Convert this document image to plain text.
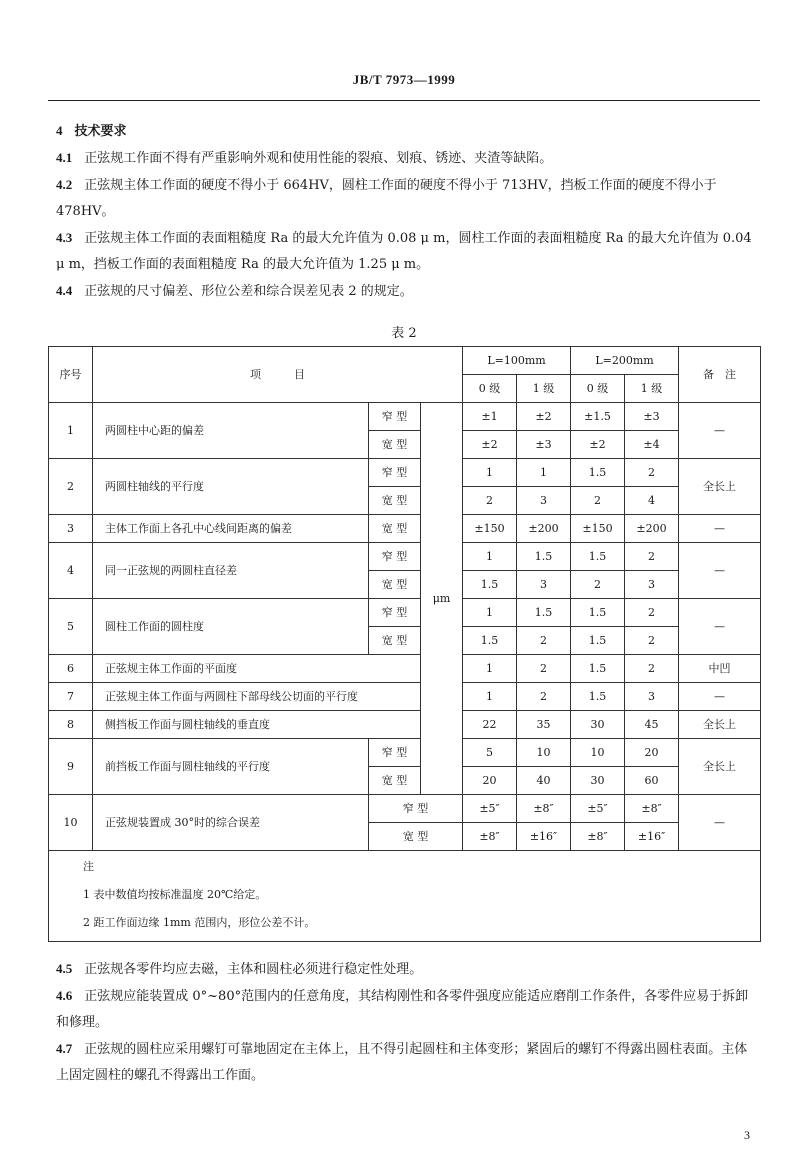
JB/T 7973—1999
4 技术要求
4.1 正弦规工作面不得有严重影响外观和使用性能的裂痕、划痕、锈迹、夹渣等缺陷。
4.2 正弦规主体工作面的硬度不得小于 664HV，圆柱工作面的硬度不得小于 713HV，挡板工作面的硬度不得小于 478HV。
4.3 正弦规主体工作面的表面粗糙度 Ra 的最大允许值为 0.08 μ m，圆柱工作面的表面粗糙度 Ra 的最大允许值为 0.04 μ m，挡板工作面的表面粗糙度 Ra 的最大允许值为 1.25 μ m。
4.4 正弦规的尺寸偏差、形位公差和综合误差见表 2 的规定。
表 2
序号	项　　　目			L=100mm		L=200mm		备　注
				0 级	1 级	0 级	1 级	
1	两圆柱中心距的偏差	窄 型	μm	±1	±2	±1.5	±3	—
		宽 型		±2	±3	±2	±4	
2	两圆柱轴线的平行度	窄 型		1	1	1.5	2	全长上
		宽 型		2	3	2	4	
3	主体工作面上各孔中心线间距离的偏差	宽 型		±150	±200	±150	±200	—
4	同一正弦规的两圆柱直径差	窄 型		1	1.5	1.5	2	—
		宽 型		1.5	3	2	3	
5	圆柱工作面的圆柱度	窄 型		1	1.5	1.5	2	—
		宽 型		1.5	2	1.5	2	
6	正弦规主体工作面的平面度			1	2	1.5	2	中凹
7	正弦规主体工作面与两圆柱下部母线公切面的平行度			1	2	1.5	3	—
8	侧挡板工作面与圆柱轴线的垂直度			22	35	30	45	全长上
9	前挡板工作面与圆柱轴线的平行度	窄 型		5	10	10	20	全长上
		宽 型		20	40	30	60	
10	正弦规装置成 30°时的综合误差	窄 型		±5″	±8″	±5″	±8″	—
		宽 型		±8″	±16″	±8″	±16″	

注
1 表中数值均按标准温度 20℃给定。
2 距工作面边缘 1mm 范围内，形位公差不计。								
4.5 正弦规各零件均应去磁，主体和圆柱必须进行稳定性处理。
4.6 正弦规应能装置成 0°~80°范围内的任意角度，其结构刚性和各零件强度应能适应磨削工作条件，各零件应易于拆卸和修理。
4.7 正弦规的圆柱应采用螺钉可靠地固定在主体上，且不得引起圆柱和主体变形；紧固后的螺钉不得露出圆柱表面。主体上固定圆柱的螺孔不得露出工作面。
3
